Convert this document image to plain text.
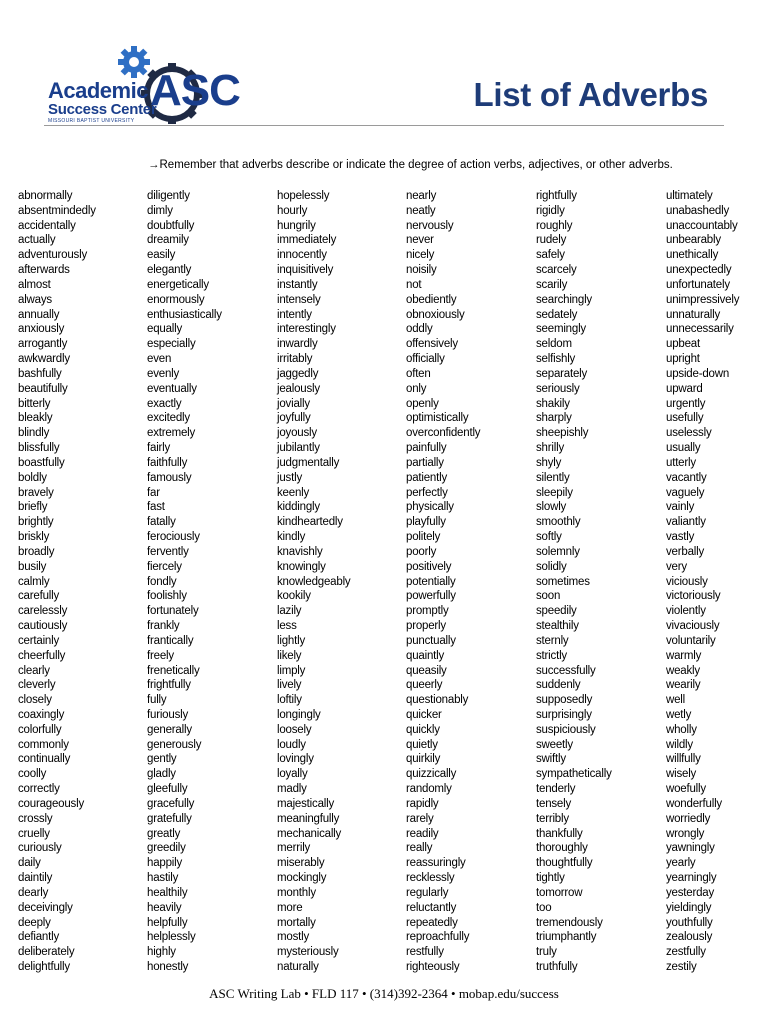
Academic
Success Center
ASC
MISSOURI BAPTIST UNIVERSITY
List of Adverbs
→Remember that adverbs describe or indicate the degree of action verbs, adjectives, or other adverbs.
abnormally
absentmindedly
accidentally
actually
adventurously
afterwards
almost
always
annually
anxiously
arrogantly
awkwardly
bashfully
beautifully
bitterly
bleakly
blindly
blissfully
boastfully
boldly
bravely
briefly
brightly
briskly
broadly
busily
calmly
carefully
carelessly
cautiously
certainly
cheerfully
clearly
cleverly
closely
coaxingly
colorfully
commonly
continually
coolly
correctly
courageously
crossly
cruelly
curiously
daily
daintily
dearly
deceivingly
deeply
defiantly
deliberately
delightfully
diligently
dimly
doubtfully
dreamily
easily
elegantly
energetically
enormously
enthusiastically
equally
especially
even
evenly
eventually
exactly
excitedly
extremely
fairly
faithfully
famously
far
fast
fatally
ferociously
fervently
fiercely
fondly
foolishly
fortunately
frankly
frantically
freely
frenetically
frightfully
fully
furiously
generally
generously
gently
gladly
gleefully
gracefully
gratefully
greatly
greedily
happily
hastily
healthily
heavily
helpfully
helplessly
highly
honestly
hopelessly
hourly
hungrily
immediately
innocently
inquisitively
instantly
intensely
intently
interestingly
inwardly
irritably
jaggedly
jealously
jovially
joyfully
joyously
jubilantly
judgmentally
justly
keenly
kiddingly
kindheartedly
kindly
knavishly
knowingly
knowledgeably
kookily
lazily
less
lightly
likely
limply
lively
loftily
longingly
loosely
loudly
lovingly
loyally
madly
majestically
meaningfully
mechanically
merrily
miserably
mockingly
monthly
more
mortally
mostly
mysteriously
naturally
nearly
neatly
nervously
never
nicely
noisily
not
obediently
obnoxiously
oddly
offensively
officially
often
only
openly
optimistically
overconfidently
painfully
partially
patiently
perfectly
physically
playfully
politely
poorly
positively
potentially
powerfully
promptly
properly
punctually
quaintly
queasily
queerly
questionably
quicker
quickly
quietly
quirkily
quizzically
randomly
rapidly
rarely
readily
really
reassuringly
recklessly
regularly
reluctantly
repeatedly
reproachfully
restfully
righteously
rightfully
rigidly
roughly
rudely
safely
scarcely
scarily
searchingly
sedately
seemingly
seldom
selfishly
separately
seriously
shakily
sharply
sheepishly
shrilly
shyly
silently
sleepily
slowly
smoothly
softly
solemnly
solidly
sometimes
soon
speedily
stealthily
sternly
strictly
successfully
suddenly
supposedly
surprisingly
suspiciously
sweetly
swiftly
sympathetically
tenderly
tensely
terribly
thankfully
thoroughly
thoughtfully
tightly
tomorrow
too
tremendously
triumphantly
truly
truthfully
ultimately
unabashedly
unaccountably
unbearably
unethically
unexpectedly
unfortunately
unimpressively
unnaturally
unnecessarily
upbeat
upright
upside-down
upward
urgently
usefully
uselessly
usually
utterly
vacantly
vaguely
vainly
valiantly
vastly
verbally
very
viciously
victoriously
violently
vivaciously
voluntarily
warmly
weakly
wearily
well
wetly
wholly
wildly
willfully
wisely
woefully
wonderfully
worriedly
wrongly
yawningly
yearly
yearningly
yesterday
yieldingly
youthfully
zealously
zestfully
zestily
ASC Writing Lab • FLD 117 • (314)392-2364 • mobap.edu/success
